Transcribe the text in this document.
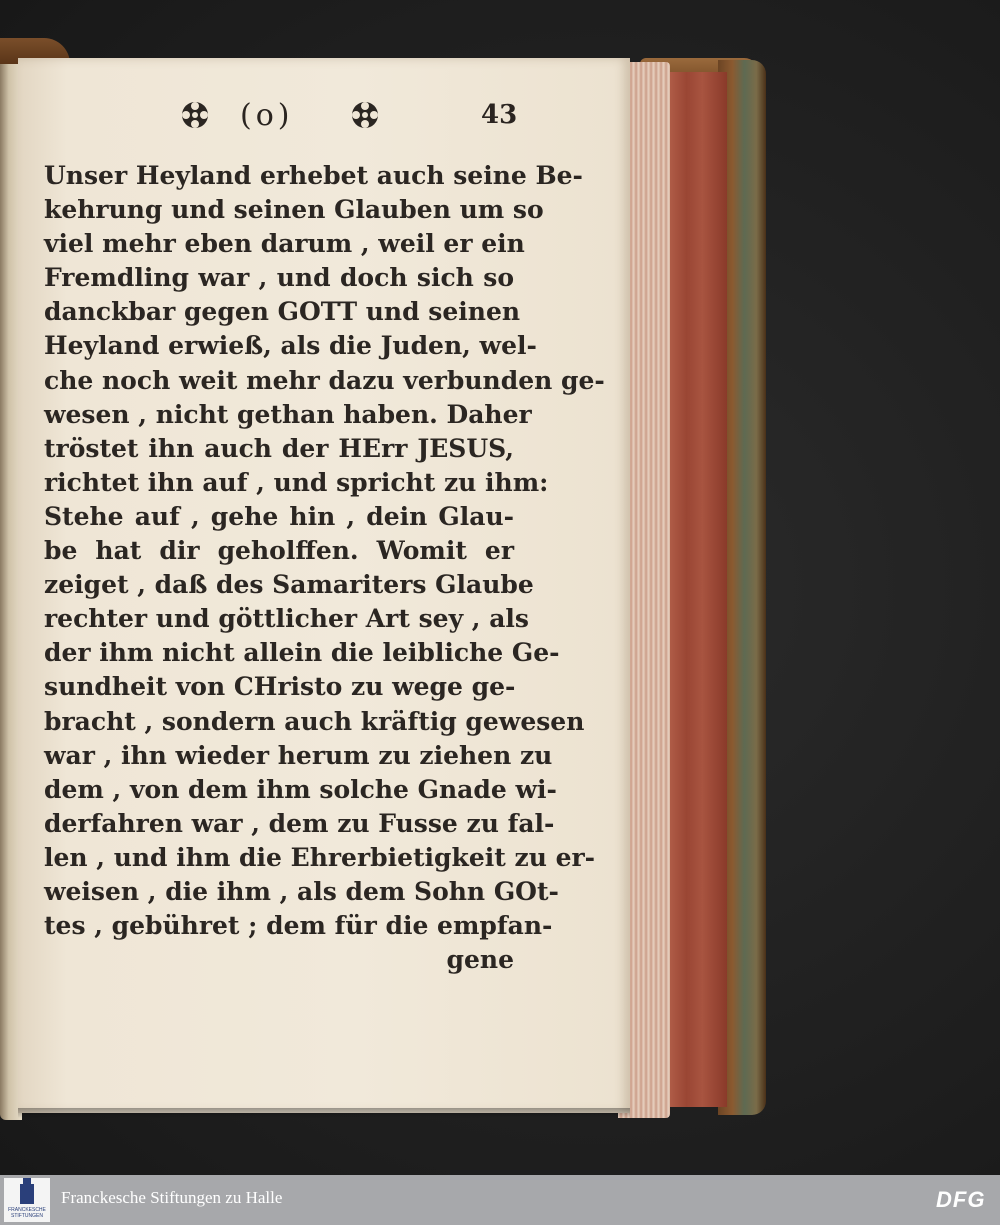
(o)	43
Unser Heyland erhebet auch seine Be-
kehrung und seinen Glauben um so
viel mehr eben darum , weil er ein
Fremdling war , und doch sich so
danckbar gegen GOTT und seinen
Heyland erwieß, als die Juden, wel-
che noch weit mehr dazu verbunden ge-
wesen , nicht gethan haben. Daher
tröstet ihn auch der HErr JESUS,
richtet ihn auf , und spricht zu ihm:
Stehe auf , gehe hin , dein Glau-
be hat dir geholffen. Womit er
zeiget , daß des Samariters Glaube
rechter und göttlicher Art sey , als
der ihm nicht allein die leibliche Ge-
sundheit von CHristo zu wege ge-
bracht , sondern auch kräftig gewesen
war , ihn wieder herum zu ziehen zu
dem , von dem ihm solche Gnade wi-
derfahren war , dem zu Fusse zu fal-
len , und ihm die Ehrerbietigkeit zu er-
weisen , die ihm , als dem Sohn GOt-
tes , gebühret ; dem für die empfan-
gene
FRANCKESCHE
STIFTUNGEN
Franckesche Stiftungen zu Halle	DFG
